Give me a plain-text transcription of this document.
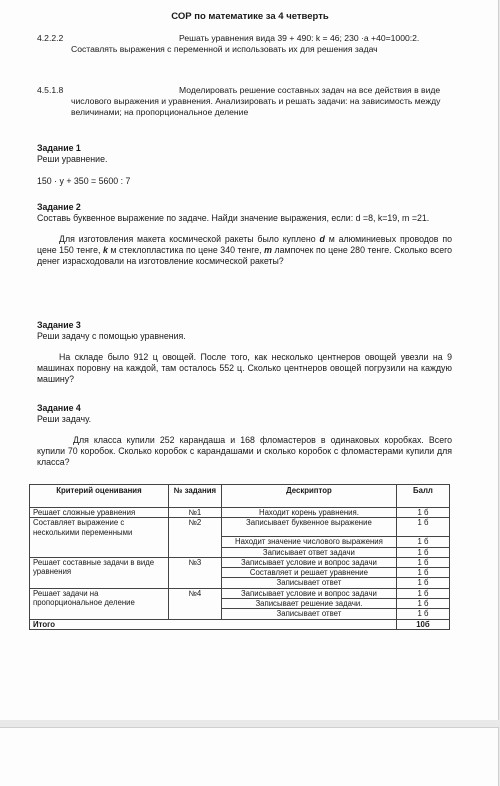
СОР по математике за 4 четверть
4.2.2.2	Решать уравнения вида 39 + 490: k = 46; 230 ·a +40=1000:2. Составлять выражения с переменной и использовать их для решения задач
4.5.1.8	Моделировать решение составных задач на все действия в виде числового выражения и уравнения. Анализировать и решать задачи: на зависимость между величинами; на пропорциональное деление
Задание 1
Реши уравнение.
150 · y + 350 = 5600 : 7
Задание 2
Составь буквенное выражение по задаче. Найди значение выражения, если: d =8, k=19, m =21.
Для изготовления макета космической ракеты было куплено d м алюминиевых проводов по цене 150 тенге, k м стеклопластика по цене 340 тенге, m лампочек по цене 280 тенге. Сколько всего денег израсходовали на изготовление космической ракеты?
Задание 3
Реши задачу с помощью уравнения.
На складе было 912 ц овощей. После того, как несколько центнеров овощей увезли на 9 машинах поровну на каждой, там осталось 552 ц. Сколько центнеров овощей погрузили на каждую машину?
Задание 4
Реши задачу.
Для класса купили 252 карандаша и 168 фломастеров в одинаковых коробках. Всего купили 70 коробок. Сколько коробок с карандашами и сколько коробок с фломастерами купили для класса?
Критерий оценивания	№ задания	Дескриптор	Балл
Решает сложные уравнения	№1	Находит корень уравнения.	1 б
Составляет выражение с несколькими переменными	№2	Записывает буквенное выражение	1 б
		Находит значение числового выражения	1 б
		Записывает ответ задачи	1 б
Решает составные задачи в виде уравнения	№3	Записывает условие и вопрос задачи	1 б
		Составляет и решает уравнение	1 б
		Записывает ответ	1 б
Решает задачи на пропорциональное деление	№4	Записывает условие и вопрос задачи	1 б
		Записывает решение задачи.	1 б
		Записывает ответ	1 б
Итого			10б
